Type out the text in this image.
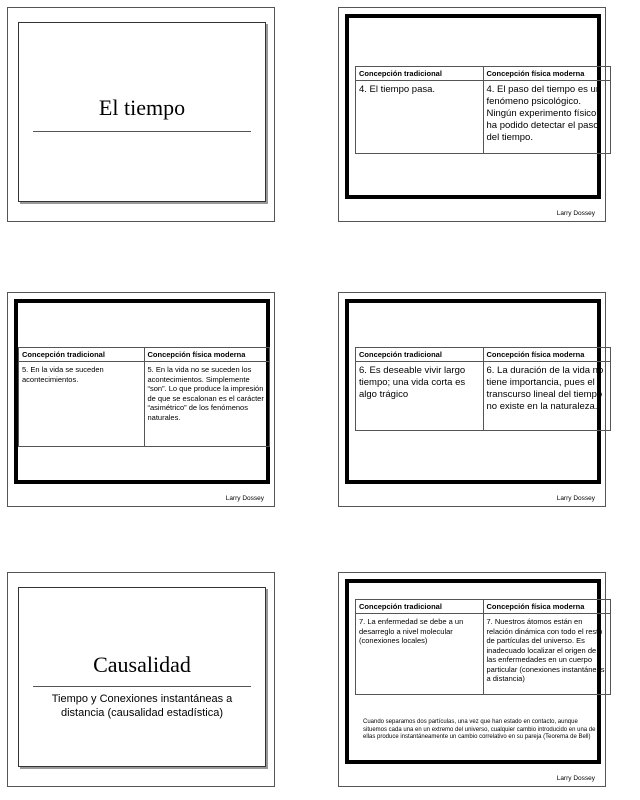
El tiempo
Concepción tradicional	Concepción física moderna
4. El tiempo pasa.	4. El paso del tiempo es un fenómeno psicológico. Ningún experimento físico ha podido detectar el paso del tiempo.
Larry Dossey
Concepción tradicional	Concepción física moderna
5. En la vida se suceden acontecimientos.	5. En la vida no se suceden los acontecimientos. Simplemente “son”. Lo que produce la impresión de que se escalonan es el carácter “asimétrico” de los fenómenos naturales.
Larry Dossey
Concepción tradicional	Concepción física moderna
6. Es deseable vivir largo tiempo; una vida corta es algo trágico	6. La duración de la vida no tiene importancia, pues el transcurso lineal del tiempo no existe en la naturaleza.
Larry Dossey
Causalidad
Tiempo y Conexiones instantáneas a distancia (causalidad estadística)
Concepción tradicional	Concepción física moderna
7. La enfermedad se debe a un desarreglo a nivel molecular (conexiones locales)	7. Nuestros átomos están en relación dinámica con todo el resto de partículas del universo. Es inadecuado localizar el origen de las enfermedades en un cuerpo particular (conexiones instantáneas a distancia)
Cuando separamos dos partículas, una vez que han estado en contacto, aunque situemos cada una en un extremo del universo, cualquier cambio introducido en una de ellas produce instantáneamente un cambio correlativo en su pareja (Teorema de Bell)
Larry Dossey
